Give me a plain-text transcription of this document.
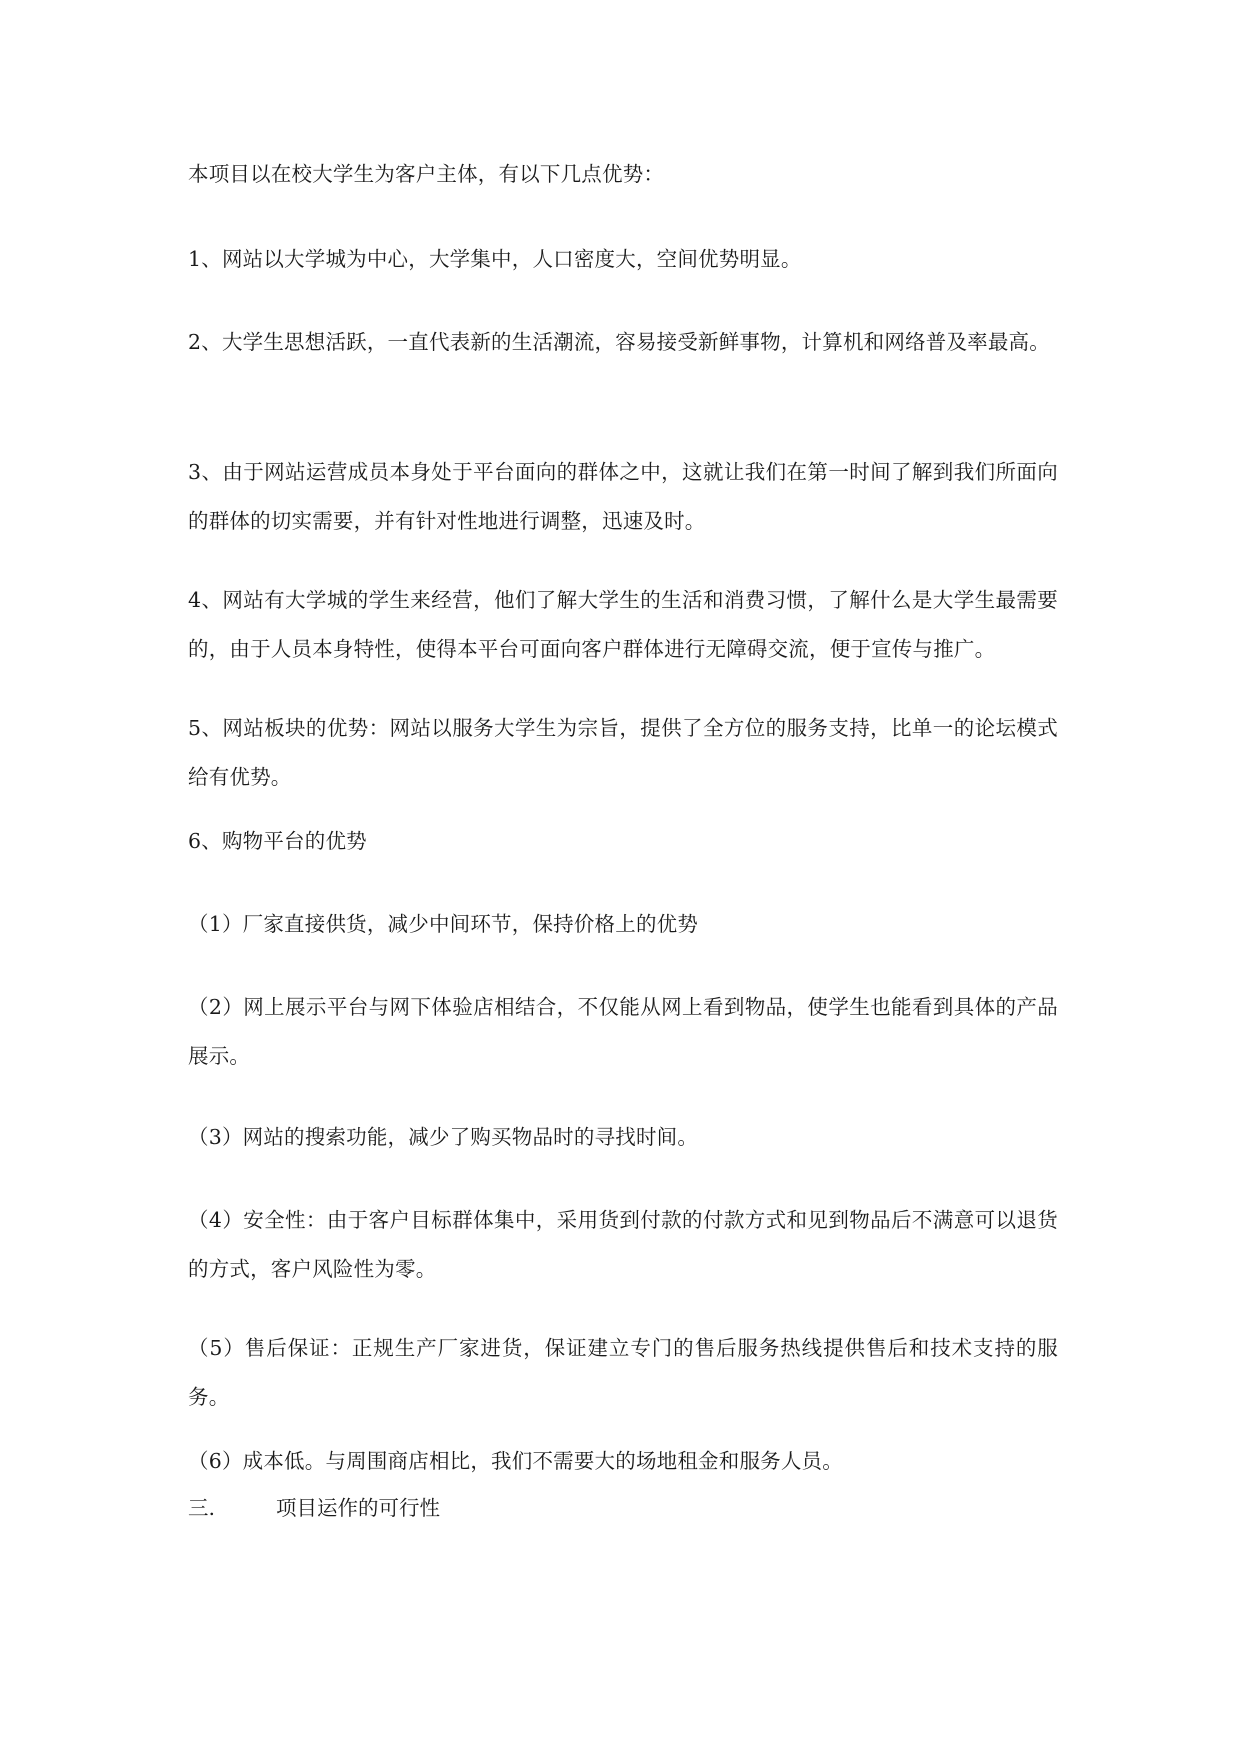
本项目以在校大学生为客户主体，有以下几点优势：

1、网站以大学城为中心，大学集中，人口密度大，空间优势明显。

2、大学生思想活跃，一直代表新的生活潮流，容易接受新鲜事物，计算机和网络普及率最高。

3、由于网站运营成员本身处于平台面向的群体之中，这就让我们在第一时间了解到我们所面向的群体的切实需要，并有针对性地进行调整，迅速及时。

4、网站有大学城的学生来经营，他们了解大学生的生活和消费习惯，了解什么是大学生最需要的，由于人员本身特性，使得本平台可面向客户群体进行无障碍交流，便于宣传与推广。

5、网站板块的优势：网站以服务大学生为宗旨，提供了全方位的服务支持，比单一的论坛模式给有优势。

6、购物平台的优势

（1）厂家直接供货，减少中间环节，保持价格上的优势

（2）网上展示平台与网下体验店相结合，不仅能从网上看到物品，使学生也能看到具体的产品展示。

（3）网站的搜索功能，减少了购买物品时的寻找时间。

（4）安全性：由于客户目标群体集中，采用货到付款的付款方式和见到物品后不满意可以退货的方式，客户风险性为零。

（5）售后保证：正规生产厂家进货，保证建立专门的售后服务热线提供售后和技术支持的服务。

（6）成本低。与周围商店相比，我们不需要大的场地租金和服务人员。

三.	项目运作的可行性
